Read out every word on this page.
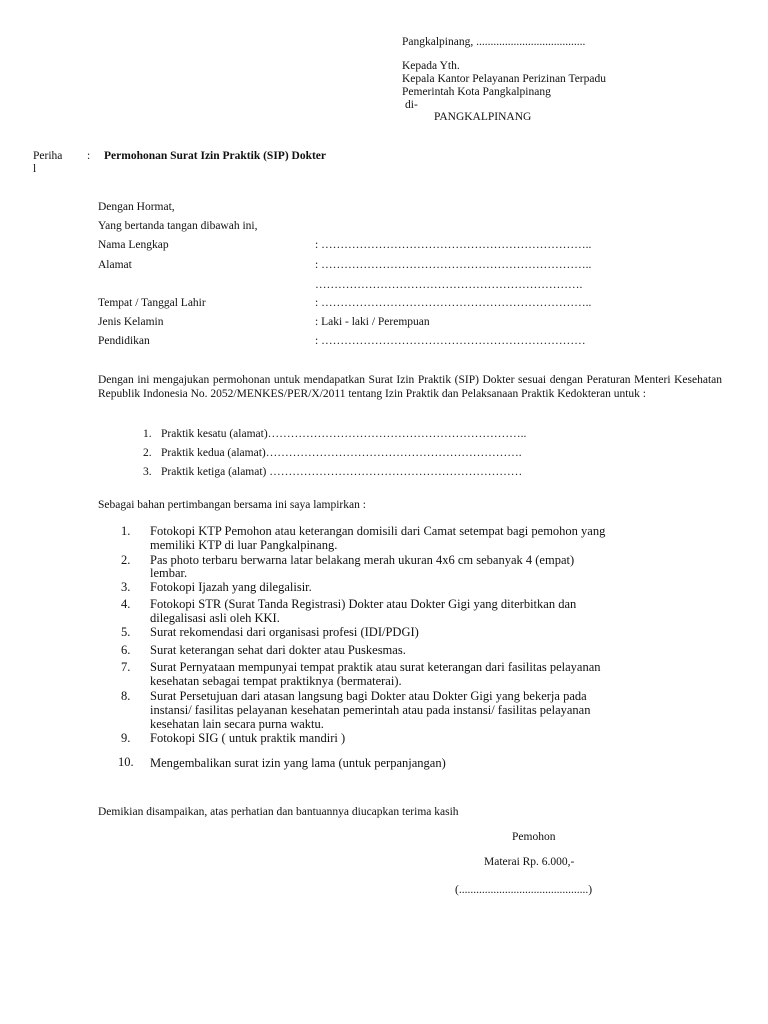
Pangkalpinang, ......................................
Kepada Yth.
Kepala Kantor Pelayanan Perizinan Terpadu
Pemerintah Kota Pangkalpinang
di-
PANGKALPINANG
Periha
l
: Permohonan Surat Izin Praktik (SIP) Dokter
Dengan Hormat,
Yang bertanda tangan dibawah ini,
Nama Lengkap	: ……………………………………………………………..
Alamat	: ……………………………………………………………..
…………………………………………………………….
Tempat / Tanggal Lahir	: ……………………………………………………………..
Jenis Kelamin	: Laki - laki / Perempuan
Pendidikan	: ……………………………………………………………
Dengan ini mengajukan permohonan untuk mendapatkan Surat Izin Praktik (SIP) Dokter sesuai dengan Peraturan Menteri Kesehatan Republik Indonesia No. 2052/MENKES/PER/X/2011 tentang Izin Praktik dan Pelaksanaan Praktik Kedokteran untuk :
1. Praktik kesatu (alamat)…………………………………………………………..
2. Praktik kedua (alamat)………………………………………………………….
3. Praktik ketiga (alamat) …………………………………………………………
Sebagai bahan pertimbangan bersama ini saya lampirkan :
1. Fotokopi KTP Pemohon atau keterangan domisili dari Camat setempat bagi pemohon yang
memiliki KTP di luar Pangkalpinang.
2. Pas photo terbaru berwarna latar belakang merah ukuran 4x6 cm sebanyak 4 (empat)
lembar.
3. Fotokopi Ijazah yang dilegalisir.
4. Fotokopi STR (Surat Tanda Registrasi) Dokter atau Dokter Gigi yang diterbitkan dan
dilegalisasi asli oleh KKI.
5. Surat rekomendasi dari organisasi profesi (IDI/PDGI)
6. Surat keterangan sehat dari dokter atau Puskesmas.
7. Surat Pernyataan mempunyai tempat praktik atau surat keterangan dari fasilitas pelayanan
kesehatan sebagai tempat praktiknya (bermaterai).
8. Surat Persetujuan dari atasan langsung bagi Dokter atau Dokter Gigi yang bekerja pada
instansi/ fasilitas pelayanan kesehatan pemerintah atau pada instansi/ fasilitas pelayanan
kesehatan lain secara purna waktu.
9. Fotokopi SIG ( untuk praktik mandiri )
10. Mengembalikan surat izin yang lama (untuk perpanjangan)
Demikian disampaikan, atas perhatian dan bantuannya diucapkan terima kasih
Pemohon
Materai Rp. 6.000,-
(.............................................)
